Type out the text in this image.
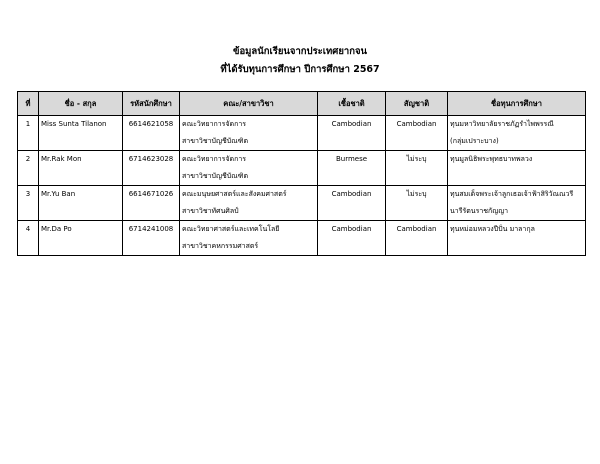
ข้อมูลนักเรียนจากประเทศยากจน
ที่ได้รับทุนการศึกษา ปีการศึกษา 2567
ที่	ชื่อ - สกุล	รหัสนักศึกษา	คณะ/สาขาวิชา	เชื้อชาติ	สัญชาติ	ชื่อทุนการศึกษา
1	Miss Sunta Tilanon	6614621058	คณะวิทยาการจัดการ
สาขาวิชาบัญชีบัณฑิต	Cambodian	Cambodian	ทุนมหาวิทยาลัยราชภัฏรำไพพรรณี
(กลุ่มเปราะบาง)

2	Mr.Rak Mon	6714623028	คณะวิทยาการจัดการ
สาขาวิชาบัญชีบัณฑิต	Burmese	ไม่ระบุ	ทุนมูลนิธิพระพุทธบาทพลวง

3	Mr.Yu Ban	6614671026	คณะมนุษยศาสตร์และสังคมศาสตร์
สาขาวิชาทัศนศิลป์	Cambodian	ไม่ระบุ	ทุนสมเด็จพระเจ้าลูกเธอเจ้าฟ้าสิริวัณณวรี
นารีรัตนราชกัญญา

4	Mr.Da Po	6714241008	คณะวิทยาศาสตร์และเทคโนโลยี
สาขาวิชาคหกรรมศาสตร์	Cambodian	Cambodian	ทุนหม่อมหลวงปีปั่น มาลากุล
